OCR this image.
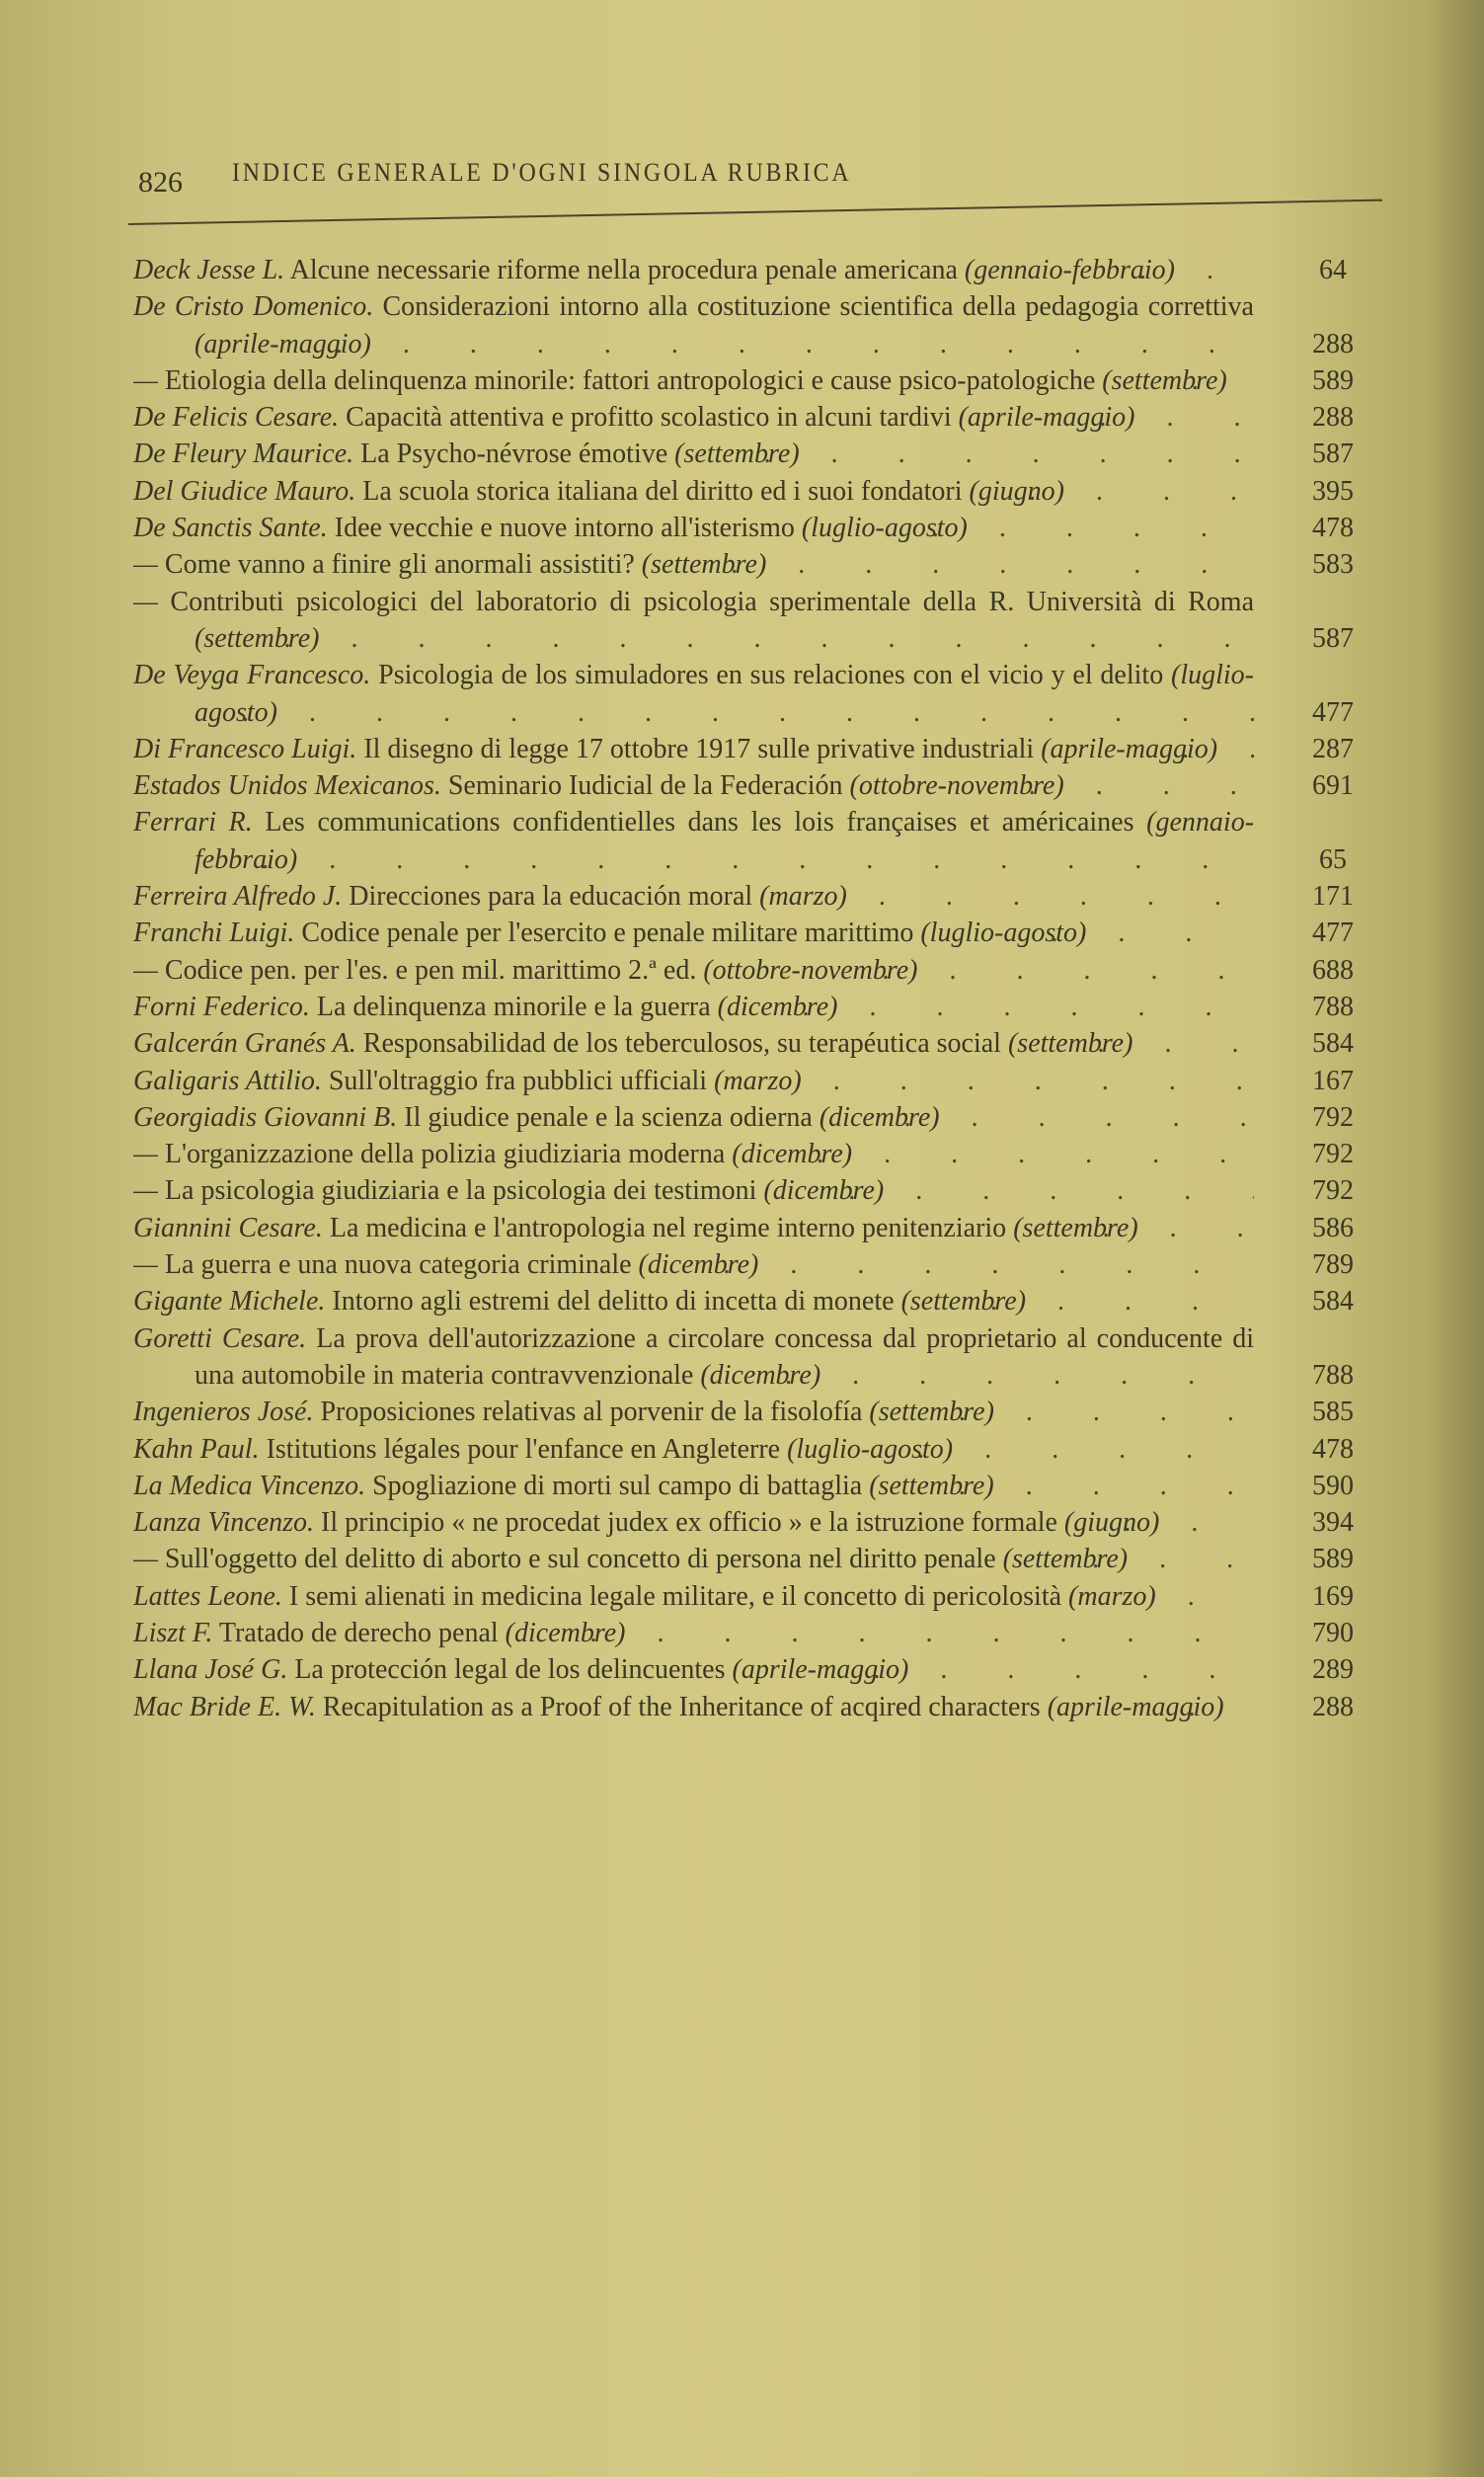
826 INDICE GENERALE D'OGNI SINGOLA RUBRICA
Deck Jesse L. Alcune necessarie riforme nella procedura penale americana (gennaio-febbraio)	64
De Cristo Domenico. Considerazioni intorno alla costituzione scientifica della pedagogia correttiva (aprile-maggio)	288
— Etiologia della delinquenza minorile: fattori antropologici e cause psico-patologiche (settembre)	589
De Felicis Cesare. Capacità attentiva e profitto scolastico in alcuni tardivi (aprile-maggio)	288
De Fleury Maurice. La Psycho-névrose émotive (settembre)	587
Del Giudice Mauro. La scuola storica italiana del diritto ed i suoi fondatori (giugno)	395
De Sanctis Sante. Idee vecchie e nuove intorno all'isterismo (luglio-agosto)	478
— Come vanno a finire gli anormali assistiti? (settembre)	583
— Contributi psicologici del laboratorio di psicologia sperimentale della R. Università di Roma (settembre)	587
De Veyga Francesco. Psicologia de los simuladores en sus relaciones con el vicio y el delito (luglio-agosto)	477
Di Francesco Luigi. Il disegno di legge 17 ottobre 1917 sulle privative industriali (aprile-maggio)	287
Estados Unidos Mexicanos. Seminario Iudicial de la Federación (ottobre-novembre)	691
Ferrari R. Les communications confidentielles dans les lois françaises et américaines (gennaio-febbraio)	65
Ferreira Alfredo J. Direcciones para la educación moral (marzo)	171
Franchi Luigi. Codice penale per l'esercito e penale militare marittimo (luglio-agosto)	477
— Codice pen. per l'es. e pen mil. marittimo 2.ª ed. (ottobre-novembre)	688
Forni Federico. La delinquenza minorile e la guerra (dicembre)	788
Galcerán Granés A. Responsabilidad de los teberculosos, su terapéutica social (settembre)	584
Galigaris Attilio. Sull'oltraggio fra pubblici ufficiali (marzo)	167
Georgiadis Giovanni B. Il giudice penale e la scienza odierna (dicembre)	792
— L'organizzazione della polizia giudiziaria moderna (dicembre)	792
— La psicologia giudiziaria e la psicologia dei testimoni (dicembre)	792
Giannini Cesare. La medicina e l'antropologia nel regime interno penitenziario (settembre)	586
— La guerra e una nuova categoria criminale (dicembre)	789
Gigante Michele. Intorno agli estremi del delitto di incetta di monete (settembre)	584
Goretti Cesare. La prova dell'autorizzazione a circolare concessa dal proprietario al conducente di una automobile in materia contravvenzionale (dicembre)	788
Ingenieros José. Proposiciones relativas al porvenir de la fisolofía (settembre)	585
Kahn Paul. Istitutions légales pour l'enfance en Angleterre (luglio-agosto)	478
La Medica Vincenzo. Spogliazione di morti sul campo di battaglia (settembre)	590
Lanza Vincenzo. Il principio « ne procedat judex ex officio » e la istruzione formale (giugno)	394
— Sull'oggetto del delitto di aborto e sul concetto di persona nel diritto penale (settembre)	589
Lattes Leone. I semi alienati in medicina legale militare, e il concetto di pericolosità (marzo)	169
Liszt F. Tratado de derecho penal (dicembre)	790
Llana José G. La protección legal de los delincuentes (aprile-maggio)	289
Mac Bride E. W. Recapitulation as a Proof of the Inheritance of acqired characters (aprile-maggio)	288
